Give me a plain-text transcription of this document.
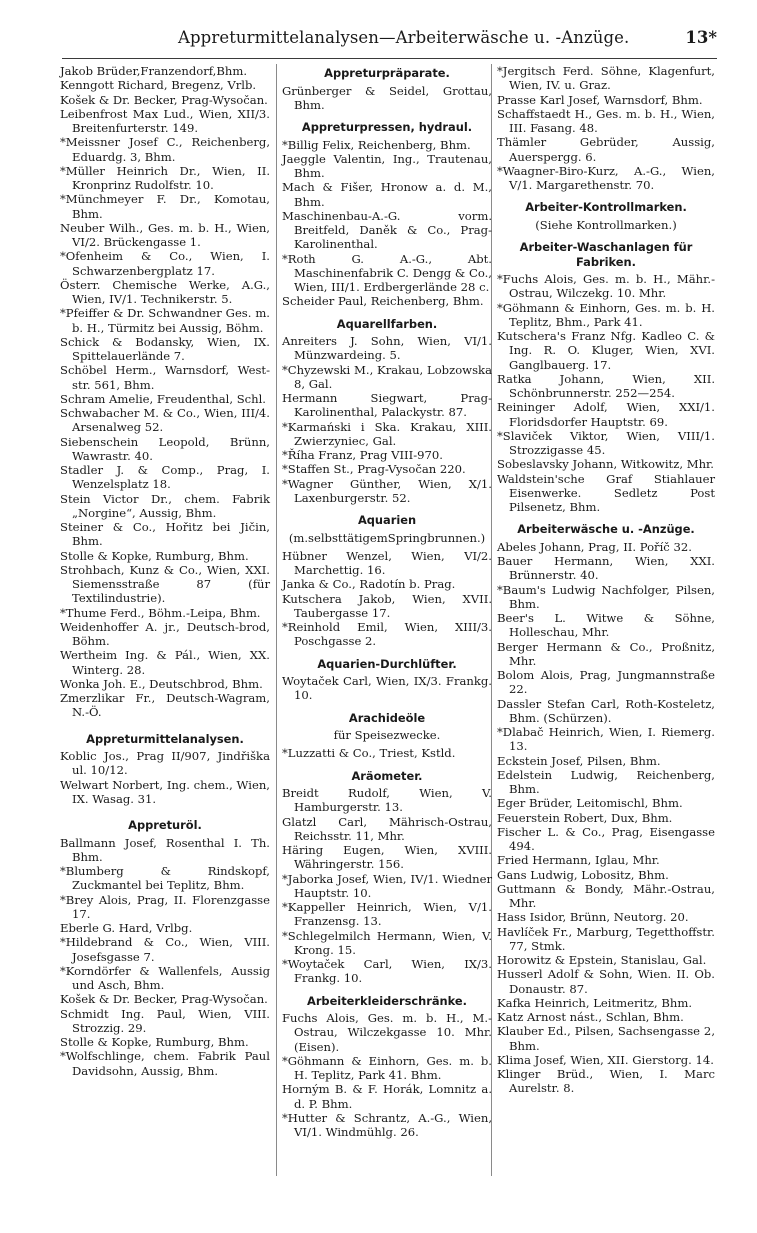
Appreturmittelanalysen—Arbeiterwäsche u. -Anzüge.	13*
Jakob Brüder,Franzendorf,Bhm.
Kenngott Richard, Bregenz, Vrlb.
Košek & Dr. Becker, Prag-Wysočan.
Leibenfrost Max Lud., Wien, XII/3. Breitenfurterstr. 149.
*Meissner Josef C., Reichenberg, Eduardg. 3, Bhm.
*Müller Heinrich Dr., Wien, II. Kronprinz Rudolfstr. 10.
*Münchmeyer F. Dr., Komotau, Bhm.
Neuber Wilh., Ges. m. b. H., Wien, VI/2. Brückengasse 1.
*Ofenheim & Co., Wien, I. Schwarzenbergplatz 17.
Österr. Chemische Werke, A.G., Wien, IV/1. Technikerstr. 5.
*Pfeiffer & Dr. Schwandner Ges. m. b. H., Türmitz bei Aussig, Böhm.
Schick & Bodansky, Wien, IX. Spittelauerlände 7.
Schöbel Herm., Warnsdorf, West-str. 561, Bhm.
Schram Amelie, Freudenthal, Schl.
Schwabacher M. & Co., Wien, III/4. Arsenalweg 52.
Siebenschein Leopold, Brünn, Wawrastr. 40.
Stadler J. & Comp., Prag, I. Wenzelsplatz 18.
Stein Victor Dr., chem. Fabrik „Norgine“, Aussig, Bhm.
Steiner & Co., Hořitz bei Jičin, Bhm.
Stolle & Kopke, Rumburg, Bhm.
Strohbach, Kunz & Co., Wien, XXI. Siemensstraße 87 (für Textilindustrie).
*Thume Ferd., Böhm.-Leipa, Bhm.
Weidenhoffer A. jr., Deutsch-brod, Böhm.
Wertheim Ing. & Pál., Wien, XX. Winterg. 28.
Wonka Joh. E., Deutschbrod, Bhm.
Zmerzlikar Fr., Deutsch-Wagram, N.-Ö.
Appreturmittelanalysen.
Koblic Jos., Prag II/907, Jindřiška ul. 10/12.
Welwart Norbert, Ing. chem., Wien, IX. Wasag. 31.
Appreturöl.
Ballmann Josef, Rosenthal I. Th. Bhm.
*Blumberg & Rindskopf, Zuckmantel bei Teplitz, Bhm.
*Brey Alois, Prag, II. Florenzgasse 17.
Eberle G. Hard, Vrlbg.
*Hildebrand & Co., Wien, VIII. Josefsgasse 7.
*Korndörfer & Wallenfels, Aussig und Asch, Bhm.
Košek & Dr. Becker, Prag-Wysočan.
Schmidt Ing. Paul, Wien, VIII. Strozzig. 29.
Stolle & Kopke, Rumburg, Bhm.
*Wolfschlinge, chem. Fabrik Paul Davidsohn, Aussig, Bhm.
Appreturpräparate.
Grünberger & Seidel, Grottau, Bhm.
Appreturpressen, hydraul.
*Billig Felix, Reichenberg, Bhm.
Jaeggle Valentin, Ing., Trautenau, Bhm.
Mach & Fišer, Hronow a. d. M., Bhm.
Maschinenbau-A.-G. vorm. Breitfeld, Daněk & Co., Prag-Karolinenthal.
*Roth G. A.-G., Abt. Maschinenfabrik C. Dengg & Co., Wien, III/1. Erdbergerlände 28 c.
Scheider Paul, Reichenberg, Bhm.
Aquarellfarben.
Anreiters J. Sohn, Wien, VI/1. Münzwardeing. 5.
*Chyzewski M., Krakau, Lobzowska 8, Gal.
Hermann Siegwart, Prag-Karolinenthal, Palackystr. 87.
*Karmański i Ska. Krakau, XIII. Zwierzyniec, Gal.
*Říha Franz, Prag VIII-970.
*Staffen St., Prag-Vysočan 220.
*Wagner Günther, Wien, X/1. Laxenburgerstr. 52.
Aquarien
(m.selbsttätigemSpringbrunnen.)
Hübner Wenzel, Wien, VI/2. Marchettig. 16.
Janka & Co., Radotín b. Prag.
Kutschera Jakob, Wien, XVII. Taubergasse 17.
*Reinhold Emil, Wien, XIII/3. Poschgasse 2.
Aquarien-Durchlüfter.
Woytaček Carl, Wien, IX/3. Frankg. 10.
Arachideöle
für Speisezwecke.
*Luzzatti & Co., Triest, Kstld.
Aräometer.
Breidt Rudolf, Wien, V. Hamburgerstr. 13.
Glatzl Carl, Mährisch-Ostrau, Reichsstr. 11, Mhr.
Häring Eugen, Wien, XVIII. Währingerstr. 156.
*Jaborka Josef, Wien, IV/1. Wiedner Hauptstr. 10.
*Kappeller Heinrich, Wien, V/1. Franzensg. 13.
*Schlegelmilch Hermann, Wien, V. Krong. 15.
*Woytaček Carl, Wien, IX/3. Frankg. 10.
Arbeiterkleiderschränke.
Fuchs Alois, Ges. m. b. H., M.-Ostrau, Wilczekgasse 10. Mhr. (Eisen).
*Göhmann & Einhorn, Ges. m. b. H. Teplitz, Park 41. Bhm.
Horným B. & F. Horák, Lomnitz a. d. P. Bhm.
*Hutter & Schrantz, A.-G., Wien, VI/1. Windmühlg. 26.
*Jergitsch Ferd. Söhne, Klagenfurt, Wien, IV. u. Graz.
Prasse Karl Josef, Warnsdorf, Bhm.
Schaffstaedt H., Ges. m. b. H., Wien, III. Fasang. 48.
Thämler Gebrüder, Aussig, Auerspergg. 6.
*Waagner-Biro-Kurz, A.-G., Wien, V/1. Margarethenstr. 70.
Arbeiter-Kontrollmarken.
(Siehe Kontrollmarken.)
Arbeiter-Waschanlagen für Fabriken.
*Fuchs Alois, Ges. m. b. H., Mähr.-Ostrau, Wilczekg. 10. Mhr.
*Göhmann & Einhorn, Ges. m. b. H. Teplitz, Bhm., Park 41.
Kutschera's Franz Nfg. Kadleo C. & Ing. R. O. Kluger, Wien, XVI. Ganglbauerg. 17.
Ratka Johann, Wien, XII. Schönbrunnerstr. 252—254.
Reininger Adolf, Wien, XXI/1. Floridsdorfer Hauptstr. 69.
*Slaviček Viktor, Wien, VIII/1. Strozzigasse 45.
Sobeslavsky Johann, Witkowitz, Mhr.
Waldstein'sche Graf Stiahlauer Eisenwerke. Sedletz Post Pilsenetz, Bhm.
Arbeiterwäsche u. -Anzüge.
Abeles Johann, Prag, II. Poříč 32.
Bauer Hermann, Wien, XXI. Brünnerstr. 40.
*Baum's Ludwig Nachfolger, Pilsen, Bhm.
Beer's L. Witwe & Söhne, Holleschau, Mhr.
Berger Hermann & Co., Proßnitz, Mhr.
Bolom Alois, Prag, Jungmannstraße 22.
Dassler Stefan Carl, Roth-Kosteletz, Bhm. (Schürzen).
*Dlabač Heinrich, Wien, I. Riemerg. 13.
Eckstein Josef, Pilsen, Bhm.
Edelstein Ludwig, Reichenberg, Bhm.
Eger Brüder, Leitomischl, Bhm.
Feuerstein Robert, Dux, Bhm.
Fischer L. & Co., Prag, Eisengasse 494.
Fried Hermann, Iglau, Mhr.
Gans Ludwig, Lobositz, Bhm.
Guttmann & Bondy, Mähr.-Ostrau, Mhr.
Hass Isidor, Brünn, Neutorg. 20.
Havlíček Fr., Marburg, Tegetthoffstr. 77, Stmk.
Horowitz & Epstein, Stanislau, Gal.
Husserl Adolf & Sohn, Wien. II. Ob. Donaustr. 87.
Kafka Heinrich, Leitmeritz, Bhm.
Katz Arnost nást., Schlan, Bhm.
Klauber Ed., Pilsen, Sachsengasse 2, Bhm.
Klima Josef, Wien, XII. Gierstorg. 14.
Klinger Brüd., Wien, I. Marc Aurelstr. 8.
